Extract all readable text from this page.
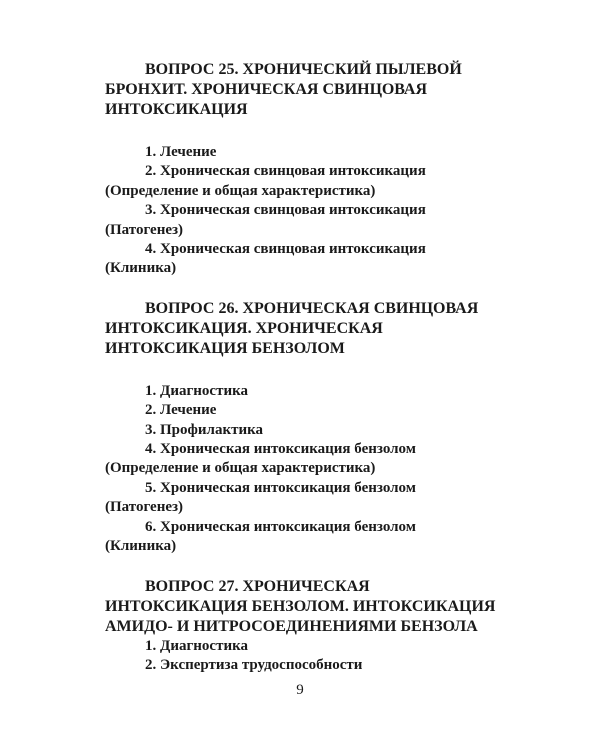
ВОПРОС 25. ХРОНИЧЕСКИЙ ПЫЛЕВОЙ
БРОНХИТ. ХРОНИЧЕСКАЯ СВИНЦОВАЯ
ИНТОКСИКАЦИЯ
1. Лечение
2. Хроническая свинцовая интоксикация
(Определение и общая характеристика)
3. Хроническая свинцовая интоксикация
(Патогенез)
4. Хроническая свинцовая интоксикация
(Клиника)
ВОПРОС 26. ХРОНИЧЕСКАЯ СВИНЦОВАЯ
ИНТОКСИКАЦИЯ. ХРОНИЧЕСКАЯ
ИНТОКСИКАЦИЯ БЕНЗОЛОМ
1. Диагностика
2. Лечение
3. Профилактика
4. Хроническая интоксикация бензолом
(Определение и общая характеристика)
5. Хроническая интоксикация бензолом
(Патогенез)
6. Хроническая интоксикация бензолом
(Клиника)
ВОПРОС 27. ХРОНИЧЕСКАЯ
ИНТОКСИКАЦИЯ БЕНЗОЛОМ. ИНТОКСИКАЦИЯ
АМИДО- И НИТРОСОЕДИНЕНИЯМИ БЕНЗОЛА
1. Диагностика
2. Экспертиза трудоспособности
9
